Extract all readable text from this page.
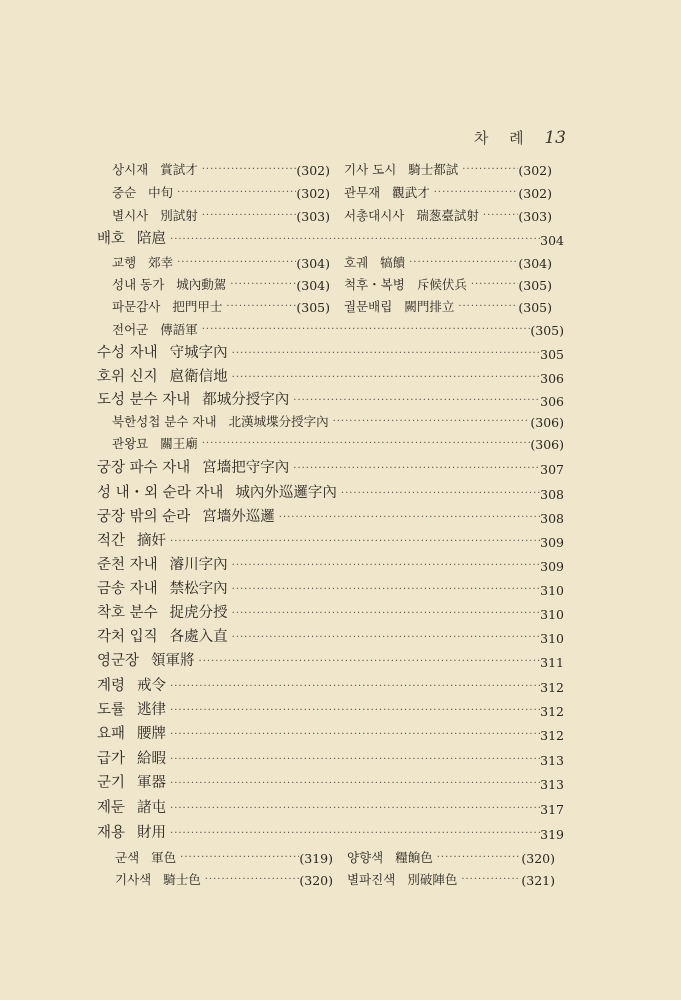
차 례 13
상시재 賞試才 ·····	(302) 기사 도시 騎士都試 ·····	(302)
중순 中旬 ·····	(302) 관무재 觀武才 ·····	(302)
별시사 別試射 ·····	(303) 서총대시사 瑞葱臺試射 ·····	(303)
배호 陪扈 ·····	304
교행 郊幸 ·····	(304) 호궤 犒饋 ·····	(304)
성내 동가 城內動駕 ·····	(304) 척후・복병 斥候伏兵 ·····	(305)
파문감사 把門甲士 ·····	(305) 궐문배립 闕門排立 ·····	(305)
전어군 傳語軍 ·····	(305)
수성 자내 守城字內 ·····	305
호위 신지 扈衛信地 ·····	306
도성 분수 자내 都城分授字內 ·····	306
북한성첩 분수 자내 北漢城堞分授字內 ·····	(306)
관왕묘 關王廟 ·····	(306)
궁장 파수 자내 宮墻把守字內 ·····	307
성 내・외 순라 자내 城內外巡邏字內 ·····	308
궁장 밖의 순라 宮墻外巡邏 ·····	308
적간 摘奸 ·····	309
준천 자내 濬川字內 ·····	309
금송 자내 禁松字內 ·····	310
착호 분수 捉虎分授 ·····	310
각처 입직 各處入直 ·····	310
영군장 領軍將 ·····	311
계령 戒令 ·····	312
도률 逃律 ·····	312
요패 腰牌 ·····	312
급가 給暇 ·····	313
군기 軍器 ·····	313
제둔 諸屯 ·····	317
재용 財用 ·····	319
군색 軍色 ·····	(319) 양향색 糧餉色 ·····	(320)
기사색 騎士色 ·····	(320) 별파진색 別破陣色 ·····	(321)
